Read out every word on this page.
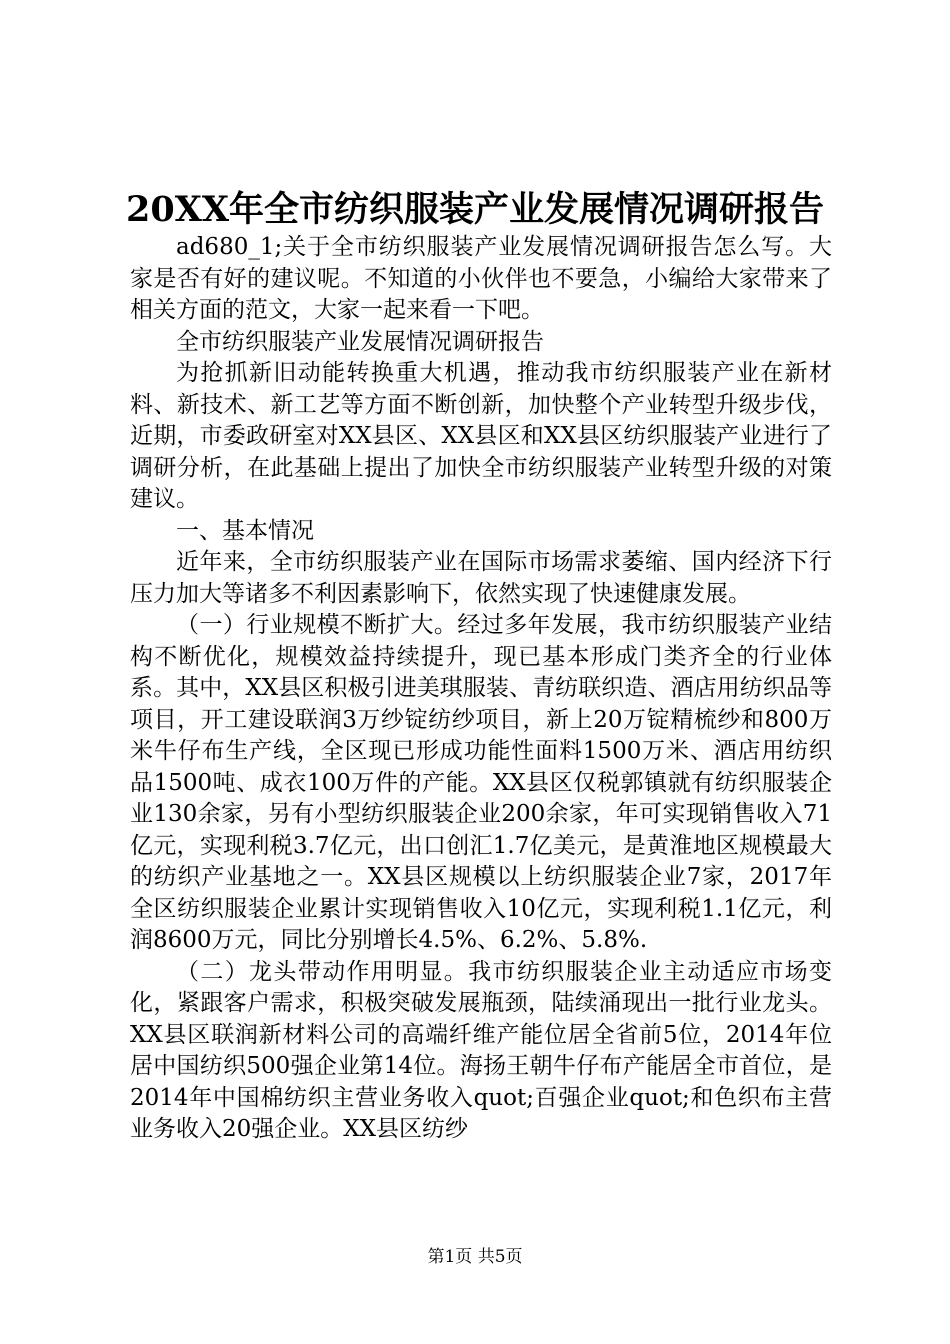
20XX年全市纺织服装产业发展情况调研报告

ad680_1;关于全市纺织服装产业发展情况调研报告怎么写。大家是否有好的建议呢。不知道的小伙伴也不要急，小编给大家带来了相关方面的范文，大家一起来看一下吧。

全市纺织服装产业发展情况调研报告

为抢抓新旧动能转换重大机遇，推动我市纺织服装产业在新材料、新技术、新工艺等方面不断创新，加快整个产业转型升级步伐，近期，市委政研室对XX县区、XX县区和XX县区纺织服装产业进行了调研分析，在此基础上提出了加快全市纺织服装产业转型升级的对策建议。

一、基本情况

近年来，全市纺织服装产业在国际市场需求萎缩、国内经济下行压力加大等诸多不利因素影响下，依然实现了快速健康发展。

（一）行业规模不断扩大。经过多年发展，我市纺织服装产业结构不断优化，规模效益持续提升，现已基本形成门类齐全的行业体系。其中，XX县区积极引进美琪服装、青纺联织造、酒店用纺织品等项目，开工建设联润3万纱锭纺纱项目，新上20万锭精梳纱和800万米牛仔布生产线，全区现已形成功能性面料1500万米、酒店用纺织品1500吨、成衣100万件的产能。XX县区仅税郭镇就有纺织服装企业130余家，另有小型纺织服装企业200余家，年可实现销售收入71亿元，实现利税3.7亿元，出口创汇1.7亿美元，是黄淮地区规模最大的纺织产业基地之一。XX县区规模以上纺织服装企业7家，2017年全区纺织服装企业累计实现销售收入10亿元，实现利税1.1亿元，利润8600万元，同比分别增长4.5%、6.2%、5.8%.

（二）龙头带动作用明显。我市纺织服装企业主动适应市场变化，紧跟客户需求，积极突破发展瓶颈，陆续涌现出一批行业龙头。XX县区联润新材料公司的高端纤维产能位居全省前5位，2014年位居中国纺织500强企业第14位。海扬王朝牛仔布产能居全市首位，是2014年中国棉纺织主营业务收入quot;百强企业quot;和色织布主营业务收入20强企业。XX县区纺纱

第1页 共5页
